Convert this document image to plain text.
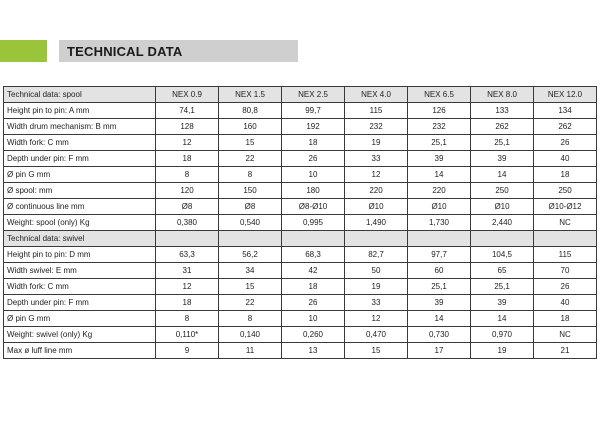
TECHNICAL DATA
Technical data: spool	NEX 0.9	NEX 1.5	NEX 2.5	NEX 4.0	NEX 6.5	NEX 8.0	NEX 12.0
Height pin to pin: A mm	74,1	80,8	99,7	115	126	133	134
Width drum mechanism: B mm	128	160	192	232	232	262	262
Width fork: C mm	12	15	18	19	25,1	25,1	26
Depth under pin: F mm	18	22	26	33	39	39	40
Ø pin G mm	8	8	10	12	14	14	18
Ø spool: mm	120	150	180	220	220	250	250
Ø continuous line mm	Ø8	Ø8	Ø8-Ø10	Ø10	Ø10	Ø10	Ø10-Ø12
Weight: spool (only) Kg	0,380	0,540	0,995	1,490	1,730	2,440	NC
Technical data: swivel							
Height pin to pin: D mm	63,3	56,2	68,3	82,7	97,7	104,5	115
Width swivel: E mm	31	34	42	50	60	65	70
Width fork: C mm	12	15	18	19	25,1	25,1	26
Depth under pin: F mm	18	22	26	33	39	39	40
Ø pin G mm	8	8	10	12	14	14	18
Weight: swivel (only) Kg	0,110*	0,140	0,260	0,470	0,730	0,970	NC
Max ø luff line mm	9	11	13	15	17	19	21
